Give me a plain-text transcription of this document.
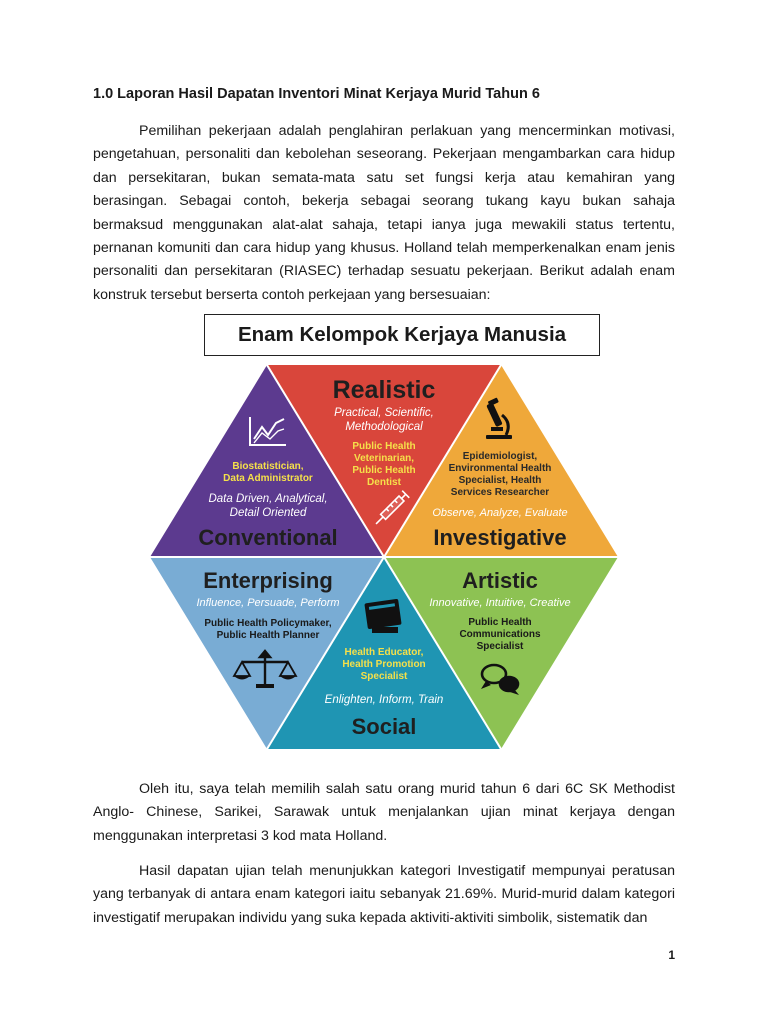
1.0 Laporan Hasil Dapatan Inventori Minat Kerjaya Murid Tahun 6

Pemilihan pekerjaan adalah penglahiran perlakuan yang mencerminkan motivasi, pengetahuan, personaliti dan kebolehan seseorang. Pekerjaan mengambarkan cara hidup dan persekitaran, bukan semata-mata satu set fungsi kerja atau kemahiran yang berasingan. Sebagai contoh, bekerja sebagai seorang tukang kayu bukan sahaja bermaksud menggunakan alat-alat sahaja, tetapi ianya juga mewakili status tertentu, pernanan komuniti dan cara hidup yang khusus. Holland telah memperkenalkan enam jenis personaliti dan persekitaran (RIASEC) terhadap sesuatu pekerjaan. Berikut adalah enam konstruk tersebut berserta contoh perkejaan yang bersesuaian:

Enam Kelompok Kerjaya Manusia
Realistic
Practical, Scientific,
Methodological
Public Health
Veterinarian,
Public Health
Dentist
Epidemiologist,
Environmental Health
Specialist, Health
Services Researcher
Observe, Analyze, Evaluate
Investigative
Artistic
Innovative, Intuitive, Creative
Public Health
Communications
Specialist
Health Educator,
Health Promotion
Specialist
Enlighten, Inform, Train
Social
Enterprising
Influence, Persuade, Perform
Public Health Policymaker,
Public Health Planner
Biostatistician,
Data Administrator
Data Driven, Analytical,
Detail Oriented
Conventional

Oleh itu, saya telah memilih salah satu orang murid tahun 6 dari 6C SK Methodist Anglo- Chinese, Sarikei, Sarawak untuk menjalankan ujian minat kerjaya dengan menggunakan interpretasi 3 kod mata Holland.

Hasil dapatan ujian telah menunjukkan kategori Investigatif mempunyai peratusan yang terbanyak di antara enam kategori iaitu sebanyak 21.69%. Murid-murid dalam kategori investigatif merupakan individu yang suka kepada aktiviti-aktiviti simbolik, sistematik dan

1
